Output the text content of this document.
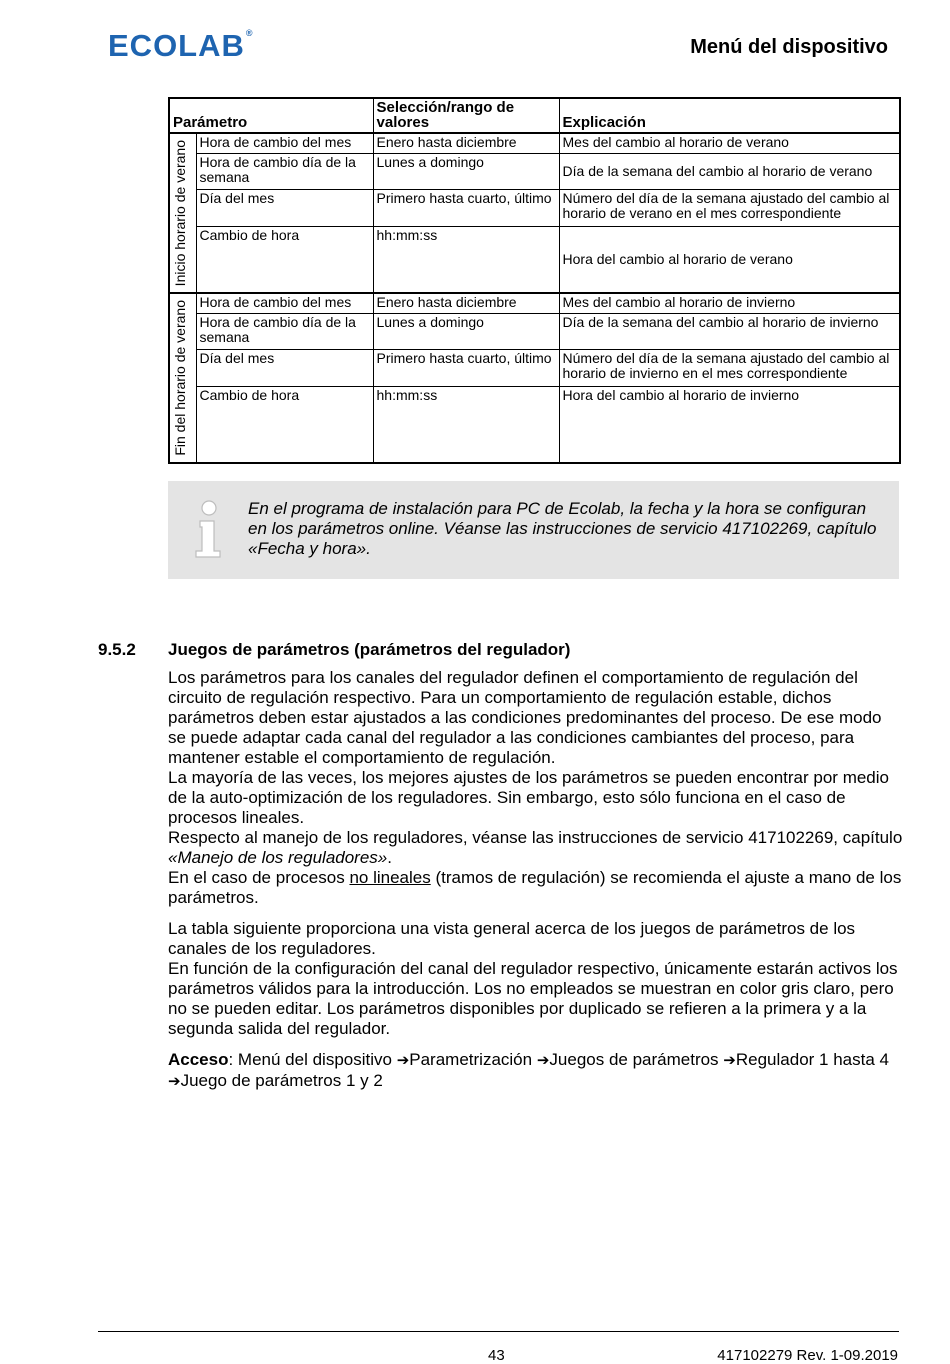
ECOLAB®
Menú del dispositivo
Parámetro		Selección/rango de valores	Explicación

Inicio horario de verano	Hora de cambio del mes	Enero hasta diciembre	Mes del cambio al horario de verano
	Hora de cambio día de la semana	Lunes a domingo	Día de la semana del cambio al horario de verano
	Día del mes	Primero hasta cuarto, último	Número del día de la semana ajustado del cambio al horario de verano en el mes correspondiente
	Cambio de hora	hh:mm:ss	Hora del cambio al horario de verano

Fin del horario de verano	Hora de cambio del mes	Enero hasta diciembre	Mes del cambio al horario de invierno
	Hora de cambio día de la semana	Lunes a domingo	Día de la semana del cambio al horario de invierno
	Día del mes	Primero hasta cuarto, último	Número del día de la semana ajustado del cambio al horario de invierno en el mes correspondiente
	Cambio de hora	hh:mm:ss	Hora del cambio al horario de invierno
En el programa de instalación para PC de Ecolab, la fecha y la hora se configuran en los parámetros online. Véanse las instrucciones de servicio 417102269, capítulo «Fecha y hora».
9.5.2 Juegos de parámetros (parámetros del regulador)

Los parámetros para los canales del regulador definen el comportamiento de regulación del circuito de regulación respectivo. Para un comportamiento de regulación estable, dichos parámetros deben estar ajustados a las condiciones predominantes del proceso. De ese modo se puede adaptar cada canal del regulador a las condiciones cambiantes del proceso, para mantener estable el comportamiento de regulación.

La mayoría de las veces, los mejores ajustes de los parámetros se pueden encontrar por medio de la auto-optimización de los reguladores. Sin embargo, esto sólo funciona en el caso de procesos lineales.

Respecto al manejo de los reguladores, véanse las instrucciones de servicio 417102269, capítulo «Manejo de los reguladores».

En el caso de procesos no lineales (tramos de regulación) se recomienda el ajuste a mano de los parámetros.

La tabla siguiente proporciona una vista general acerca de los juegos de parámetros de los canales de los reguladores.

En función de la configuración del canal del regulador respectivo, únicamente estarán activos los parámetros válidos para la introducción. Los no empleados se muestran en color gris claro, pero no se pueden editar. Los parámetros disponibles por duplicado se refieren a la primera y a la segunda salida del regulador.

Acceso: Menú del dispositivo ➔Parametrización ➔Juegos de parámetros ➔Regulador 1 hasta 4 ➔Juego de parámetros 1 y 2

43	417102279 Rev. 1-09.2019
